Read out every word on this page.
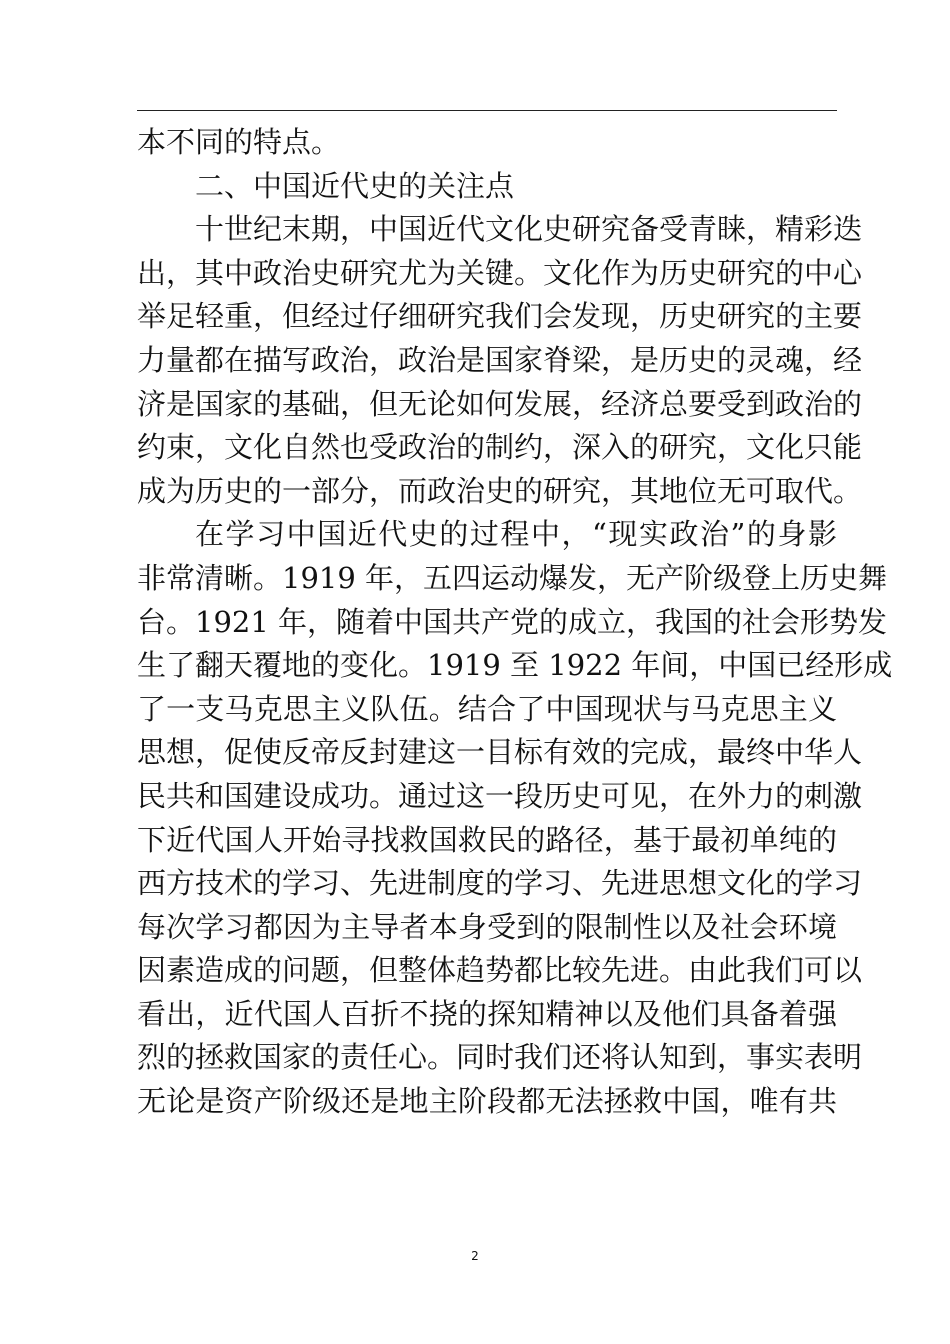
本不同的特点。
二、中国近代史的关注点
十世纪末期，中国近代文化史研究备受青睐，精彩迭
出，其中政治史研究尤为关键。文化作为历史研究的中心
举足轻重，但经过仔细研究我们会发现，历史研究的主要
力量都在描写政治，政治是国家脊梁，是历史的灵魂，经
济是国家的基础，但无论如何发展，经济总要受到政治的
约束，文化自然也受政治的制约，深入的研究，文化只能
成为历史的一部分，而政治史的研究，其地位无可取代。
在学习中国近代史的过程中，“现实政治”的身影
非常清晰。1919 年，五四运动爆发，无产阶级登上历史舞
台。1921 年，随着中国共产党的成立，我国的社会形势发
生了翻天覆地的变化。1919 至 1922 年间，中国已经形成
了一支马克思主义队伍。结合了中国现状与马克思主义
思想，促使反帝反封建这一目标有效的完成，最终中华人
民共和国建设成功。通过这一段历史可见，在外力的刺激
下近代国人开始寻找救国救民的路径，基于最初单纯的
西方技术的学习、先进制度的学习、先进思想文化的学习
每次学习都因为主导者本身受到的限制性以及社会环境
因素造成的问题，但整体趋势都比较先进。由此我们可以
看出，近代国人百折不挠的探知精神以及他们具备着强
烈的拯救国家的责任心。同时我们还将认知到，事实表明
无论是资产阶级还是地主阶段都无法拯救中国，唯有共
2
